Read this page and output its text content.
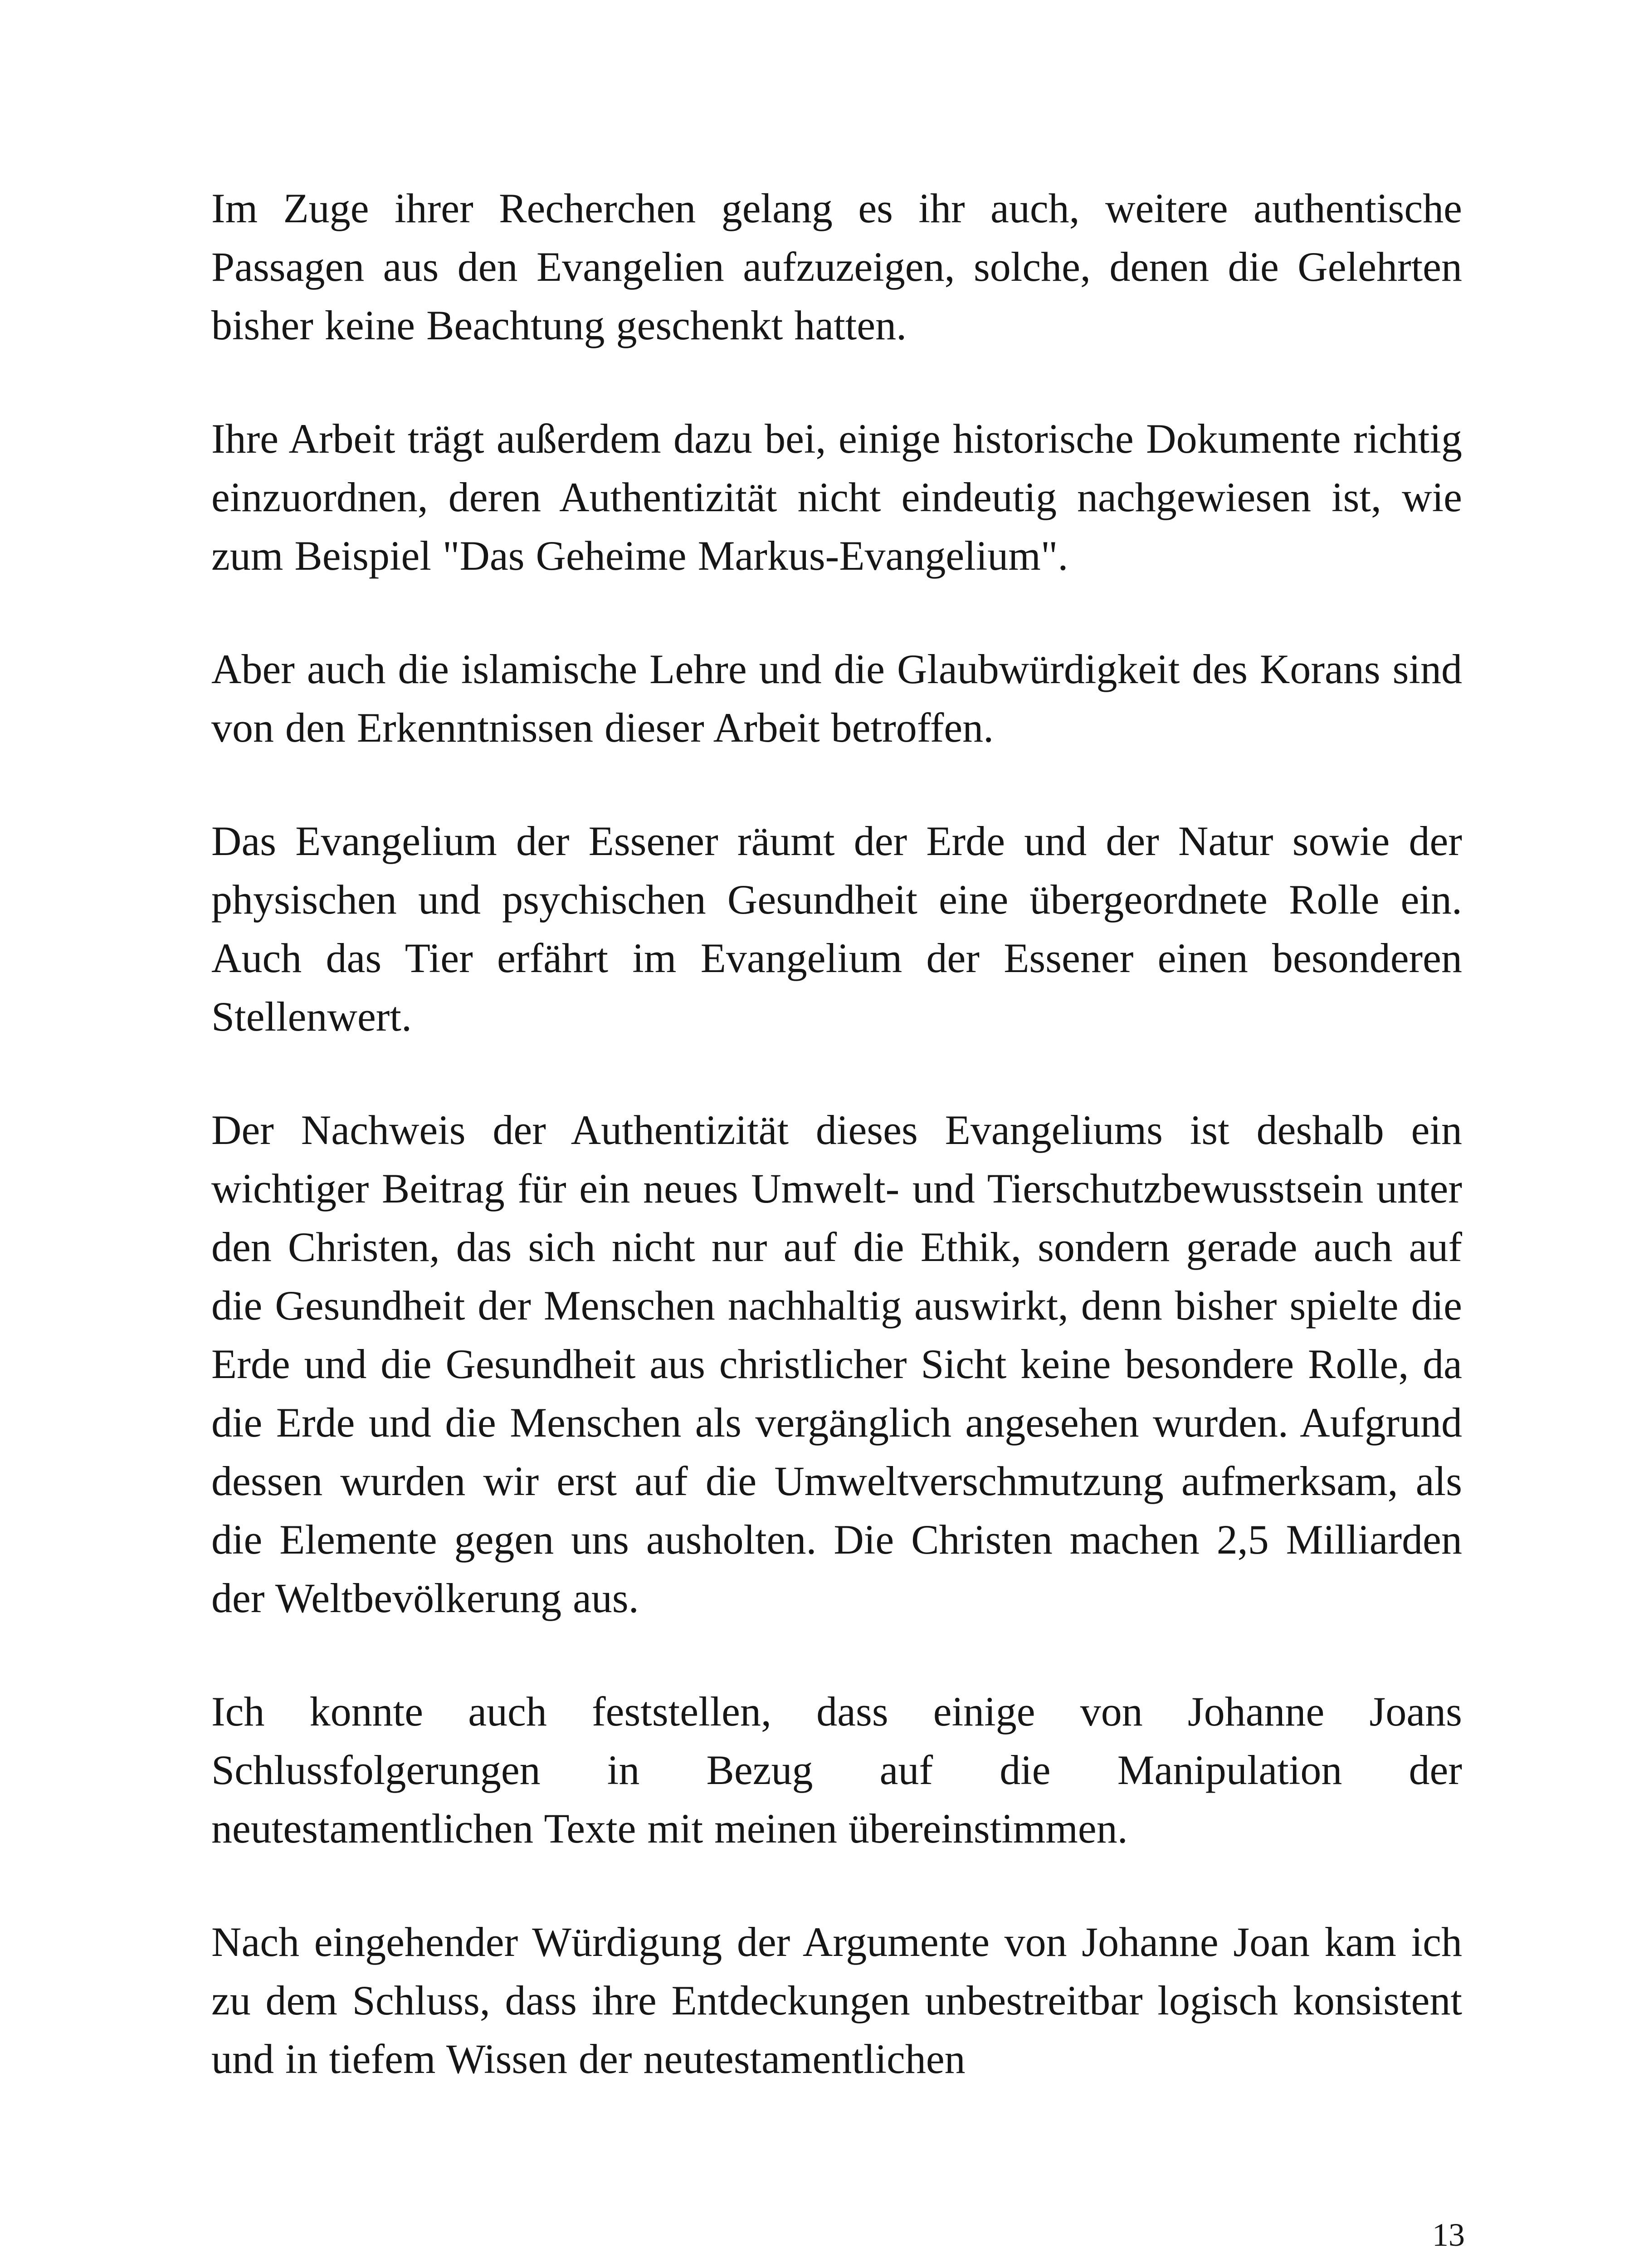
Im Zuge ihrer Recherchen gelang es ihr auch, weitere authentische Passagen aus den Evangelien aufzuzeigen, solche, denen die Gelehrten bisher keine Beachtung geschenkt hatten.

Ihre Arbeit trägt außerdem dazu bei, einige historische Dokumente richtig einzuordnen, deren Authentizität nicht eindeutig nachgewiesen ist, wie zum Beispiel "Das Geheime Markus-Evangelium".

Aber auch die islamische Lehre und die Glaubwürdigkeit des Korans sind von den Erkenntnissen dieser Arbeit betroffen.

Das Evangelium der Essener räumt der Erde und der Natur sowie der physischen und psychischen Gesundheit eine übergeordnete Rolle ein. Auch das Tier erfährt im Evangelium der Essener einen besonderen Stellenwert.

Der Nachweis der Authentizität dieses Evangeliums ist deshalb ein wichtiger Beitrag für ein neues Umwelt- und Tierschutzbewusstsein unter den Christen, das sich nicht nur auf die Ethik, sondern gerade auch auf die Gesundheit der Menschen nachhaltig auswirkt, denn bisher spielte die Erde und die Gesundheit aus christlicher Sicht keine besondere Rolle, da die Erde und die Menschen als vergänglich angesehen wurden. Aufgrund dessen wurden wir erst auf die Umweltverschmutzung aufmerksam, als die Elemente gegen uns ausholten. Die Christen machen 2,5 Milliarden der Weltbevölkerung aus.

Ich konnte auch feststellen, dass einige von Johanne Joans Schlussfolgerungen in Bezug auf die Manipulation der neutestamentlichen Texte mit meinen übereinstimmen.

Nach eingehender Würdigung der Argumente von Johanne Joan kam ich zu dem Schluss, dass ihre Entdeckungen unbestreitbar logisch konsistent und in tiefem Wissen der neutestamentlichen

13
